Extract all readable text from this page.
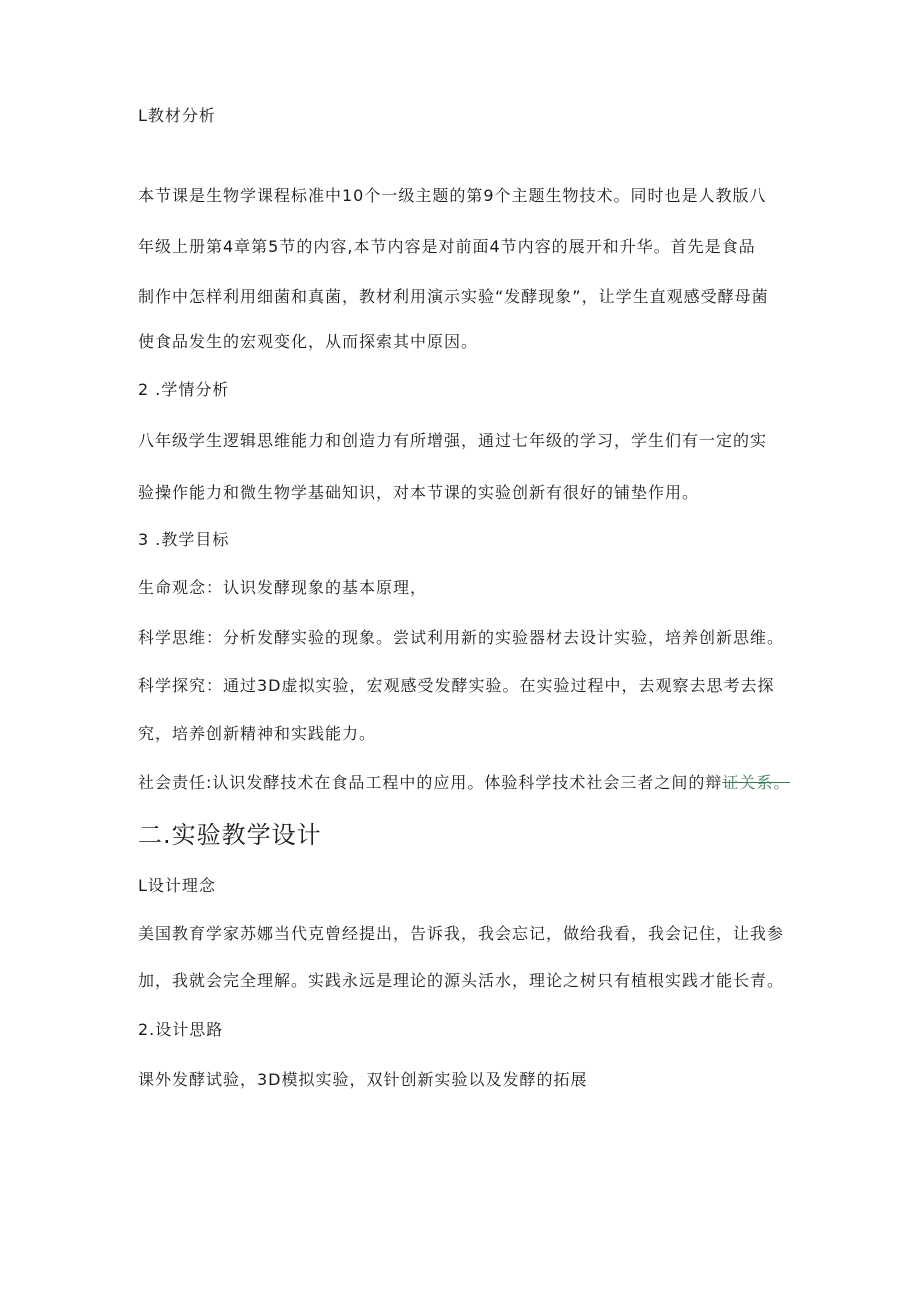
L教材分析
本节课是生物学课程标准中10个一级主题的第9个主题生物技术。同时也是人教版八
年级上册第4章第5节的内容,本节内容是对前面4节内容的展开和升华。首先是食品
制作中怎样利用细菌和真菌，教材利用演示实验“发酵现象”，让学生直观感受酵母菌
使食品发生的宏观变化，从而探索其中原因。
2 .学情分析
八年级学生逻辑思维能力和创造力有所增强，通过七年级的学习，学生们有一定的实
验操作能力和微生物学基础知识，对本节课的实验创新有很好的铺垫作用。
3 .教学目标
生命观念：认识发酵现象的基本原理，
科学思维：分析发酵实验的现象。尝试利用新的实验器材去设计实验，培养创新思维。
科学探究：通过3D虚拟实验，宏观感受发酵实验。在实验过程中，去观察去思考去探
究，培养创新精神和实践能力。
社会责任:认识发酵技术在食品工程中的应用。体验科学技术社会三者之间的辩证关系。
二.实验教学设计
L设计理念
美国教育学家苏娜当代克曾经提出，告诉我，我会忘记，做给我看，我会记住，让我参
加，我就会完全理解。实践永远是理论的源头活水，理论之树只有植根实践才能长青。
2.设计思路
课外发酵试验，3D模拟实验，双针创新实验以及发酵的拓展
